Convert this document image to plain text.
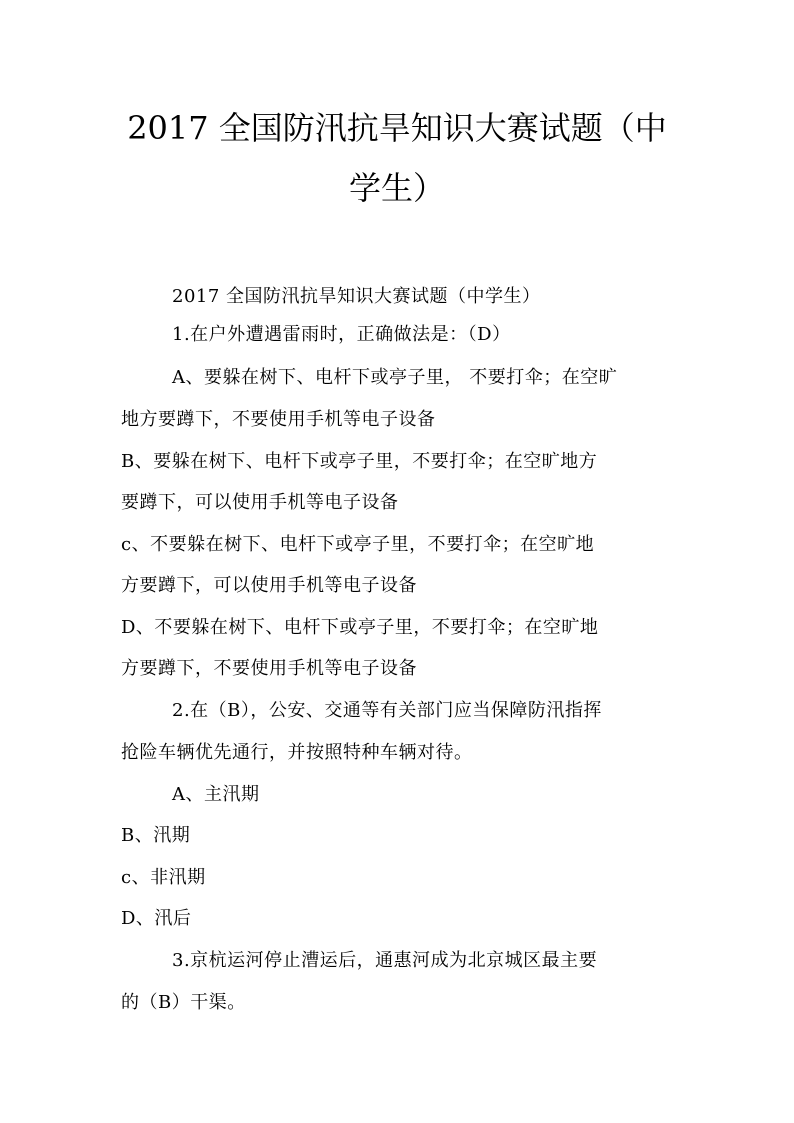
2017 全国防汛抗旱知识大赛试题（中
学生）
2017 全国防汛抗旱知识大赛试题（中学生）
1.在户外遭遇雷雨时，正确做法是：（D）
A、要躲在树下、电杆下或亭子里， 不要打伞；在空旷
地方要蹲下，不要使用手机等电子设备
B、要躲在树下、电杆下或亭子里，不要打伞；在空旷地方
要蹲下，可以使用手机等电子设备
c、不要躲在树下、电杆下或亭子里，不要打伞；在空旷地
方要蹲下，可以使用手机等电子设备
D、不要躲在树下、电杆下或亭子里，不要打伞；在空旷地
方要蹲下，不要使用手机等电子设备
2.在（B），公安、交通等有关部门应当保障防汛指挥
抢险车辆优先通行，并按照特种车辆对待。
A、主汛期
B、汛期
c、非汛期
D、汛后
3.京杭运河停止漕运后，通惠河成为北京城区最主要
的（B）干渠。
